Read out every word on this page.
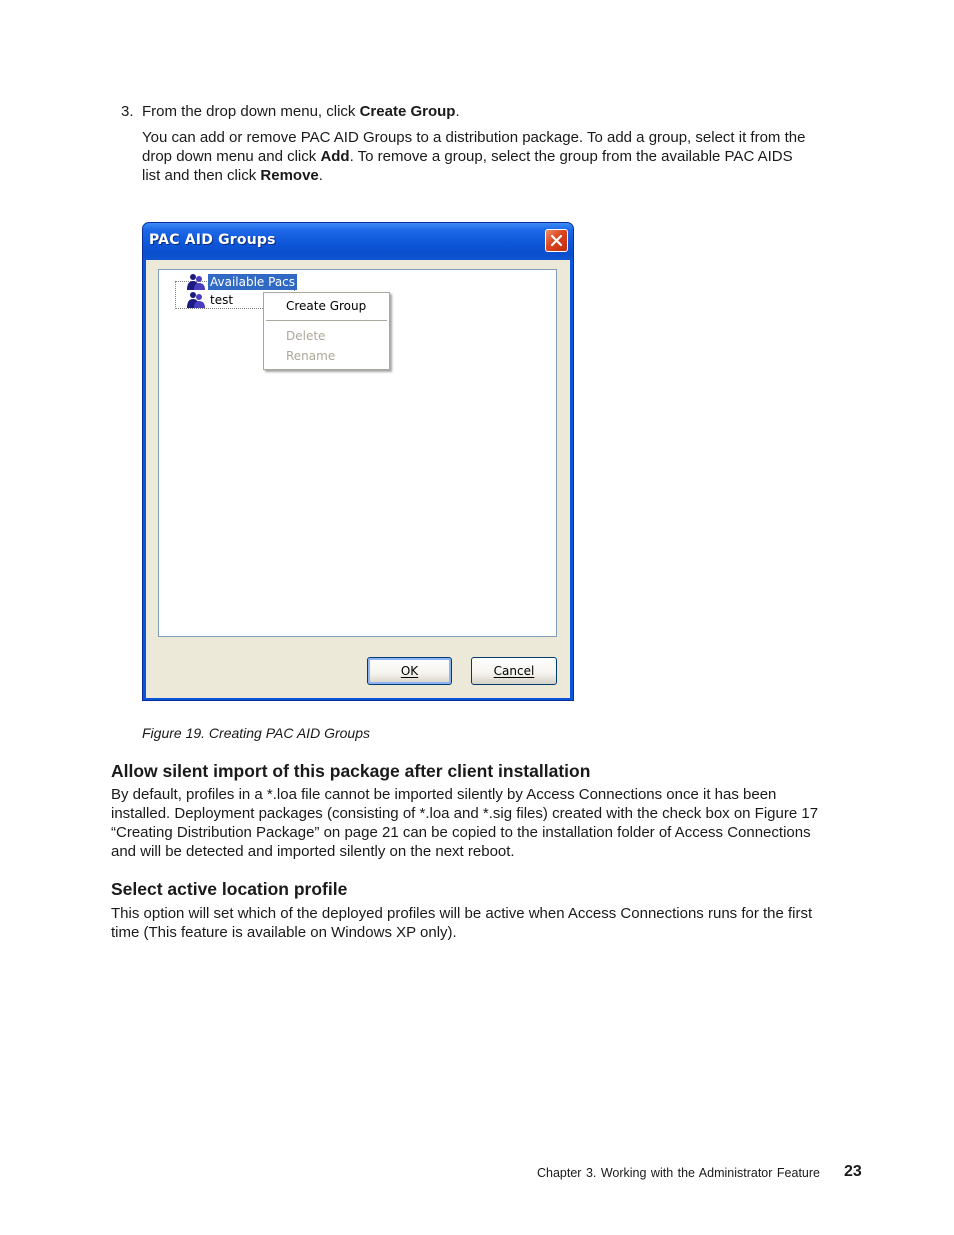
3. From the drop down menu, click Create Group.
You can add or remove PAC AID Groups to a distribution package. To add a group, select it from the
drop down menu and click Add. To remove a group, select the group from the available PAC AIDS
list and then click Remove.
PAC AID Groups
Available Pacs
test	Create Group
Delete
Rename
OK	Cancel
Figure 19. Creating PAC AID Groups
Allow silent import of this package after client installation
By default, profiles in a *.loa file cannot be imported silently by Access Connections once it has been
installed. Deployment packages (consisting of *.loa and *.sig files) created with the check box on Figure 17
“Creating Distribution Package” on page 21 can be copied to the installation folder of Access Connections
and will be detected and imported silently on the next reboot.
Select active location profile
This option will set which of the deployed profiles will be active when Access Connections runs for the first
time (This feature is available on Windows XP only).
Chapter 3. Working with the Administrator Feature 23
